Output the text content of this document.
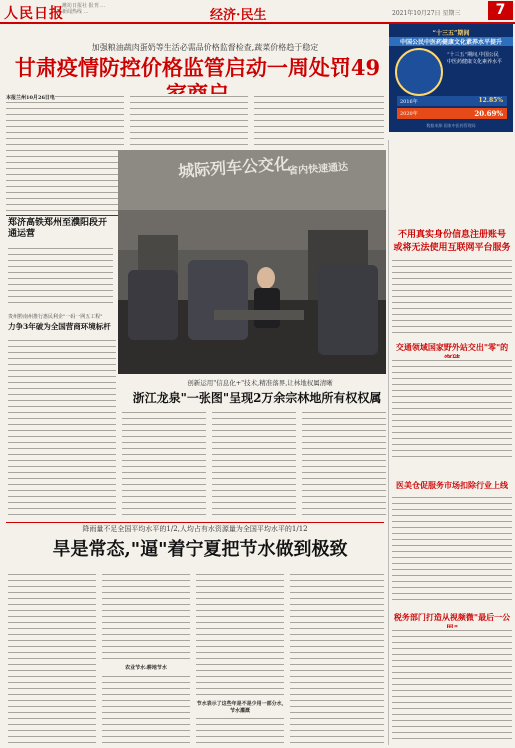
人民日报
潍坊日报社 报刊 …
新闻热线 …	经济·民生	2021年10月27日 星期三	7
加强粮油蔬肉蛋奶等生活必需品价格监督检查,蔬菜价格趋于稳定
甘肃疫情防控价格监管启动一周处罚49
本报兰州10月26日电
“十三五”期间
中国公民中医药健康文化素养水平提升
“十三五”期间,中国公民
中医药健康文化素养水平
2016年	12.85%
2020年	20.69%
数据来源:国家中医药管理局
郑济高铁郑州至濮阳段开通运营
城际列车公交化
省内快速通达
贵州黔南州推行惠民利企"一码一网五工程"
力争3年破为全国营商环境标杆
创新运用"信息化+"技术,精准落界,让林地权属清晰
浙江龙泉"一张图"呈现2万余宗林地所有权权属
不用真实身份信息注册账号
或将无法使用互联网平台服务
交通领域国家野外站交出"零"的
医美仓促服务市场扣除行业上线
税务部门打造从视频微"最后一公
降雨量不足全国平均水平的1/2,人均占有水资源量为全国平均水平的1/12
旱是常态,"逼"着宁夏把节水做到极致
农业节水:耕地节水
节水表示了这些年是不是少用一部分水,节水灌溉
